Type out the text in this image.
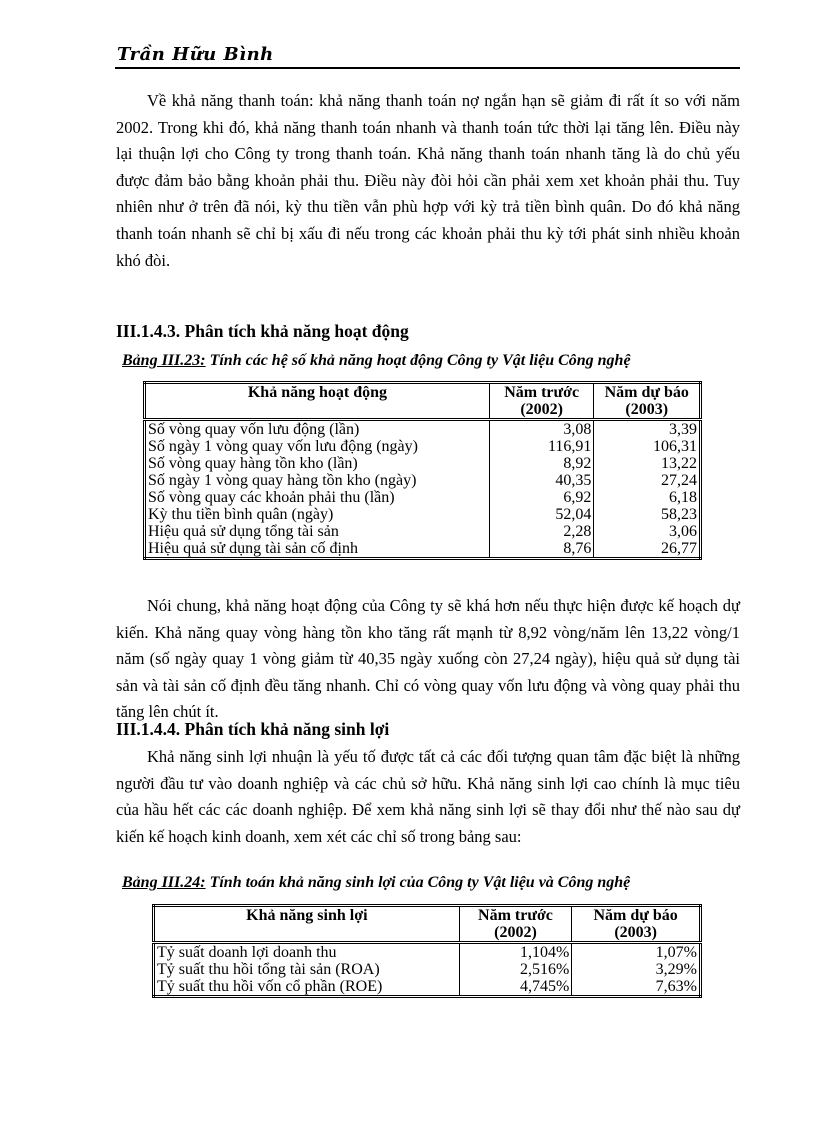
Trần Hữu Bình

Về khả năng thanh toán: khả năng thanh toán nợ ngắn hạn sẽ giảm đi rất ít so với năm 2002. Trong khi đó, khả năng thanh toán nhanh và thanh toán tức thời lại tăng lên. Điều này lại thuận lợi cho Công ty trong thanh toán. Khả năng thanh toán nhanh tăng là do chủ yếu được đảm bảo bằng khoản phải thu. Điều này đòi hỏi cần phải xem xet khoản phải thu. Tuy nhiên như ở trên đã nói, kỳ thu tiền vẫn phù hợp với kỳ trả tiền bình quân. Do đó khả năng thanh toán nhanh sẽ chỉ bị xấu đi nếu trong các khoản phải thu kỳ tới phát sinh nhiều khoản khó đòi.

III.1.4.3. Phân tích khả năng hoạt động

Bảng III.23: Tính các hệ số khả năng hoạt động Công ty Vật liệu Công nghệ

Khả năng hoạt động	Năm trước (2002)	Năm dự báo (2003)
Số vòng quay vốn lưu động (lần)	3,08	3,39
Số ngày 1 vòng quay vốn lưu động (ngày)	116,91	106,31
Số vòng quay hàng tồn kho (lần)	8,92	13,22
Số ngày 1 vòng quay hàng tồn kho (ngày)	40,35	27,24
Số vòng quay các khoản phải thu (lần)	6,92	6,18
Kỳ thu tiền bình quân (ngày)	52,04	58,23
Hiệu quả sử dụng tổng tài sản	2,28	3,06
Hiệu quả sử dụng tài sản cố định	8,76	26,77

Nói chung, khả năng hoạt động của Công ty sẽ khá hơn nếu thực hiện được kế hoạch dự kiến. Khả năng quay vòng hàng tồn kho tăng rất mạnh từ 8,92 vòng/năm lên 13,22 vòng/1 năm (số ngày quay 1 vòng giảm từ 40,35 ngày xuống còn 27,24 ngày), hiệu quả sử dụng tài sản và tài sản cố định đều tăng nhanh. Chỉ có vòng quay vốn lưu động và vòng quay phải thu tăng lên chút ít.

III.1.4.4. Phân tích khả năng sinh lợi

Khả năng sinh lợi nhuận là yếu tố được tất cả các đối tượng quan tâm đặc biệt là những người đầu tư vào doanh nghiệp và các chủ sở hữu. Khả năng sinh lợi cao chính là mục tiêu của hầu hết các các doanh nghiệp. Để xem khả năng sinh lợi sẽ thay đổi như thế nào sau dự kiến kế hoạch kinh doanh, xem xét các chỉ số trong bảng sau:

Bảng III.24: Tính toán khả năng sinh lợi của Công ty Vật liệu và Công nghệ

Khả năng sinh lợi	Năm trước (2002)	Năm dự báo (2003)
Tỷ suất doanh lợi doanh thu	1,104%	1,07%
Tỷ suất thu hồi tổng tài sản (ROA)	2,516%	3,29%
Tỷ suất thu hồi vốn cổ phần (ROE)	4,745%	7,63%
